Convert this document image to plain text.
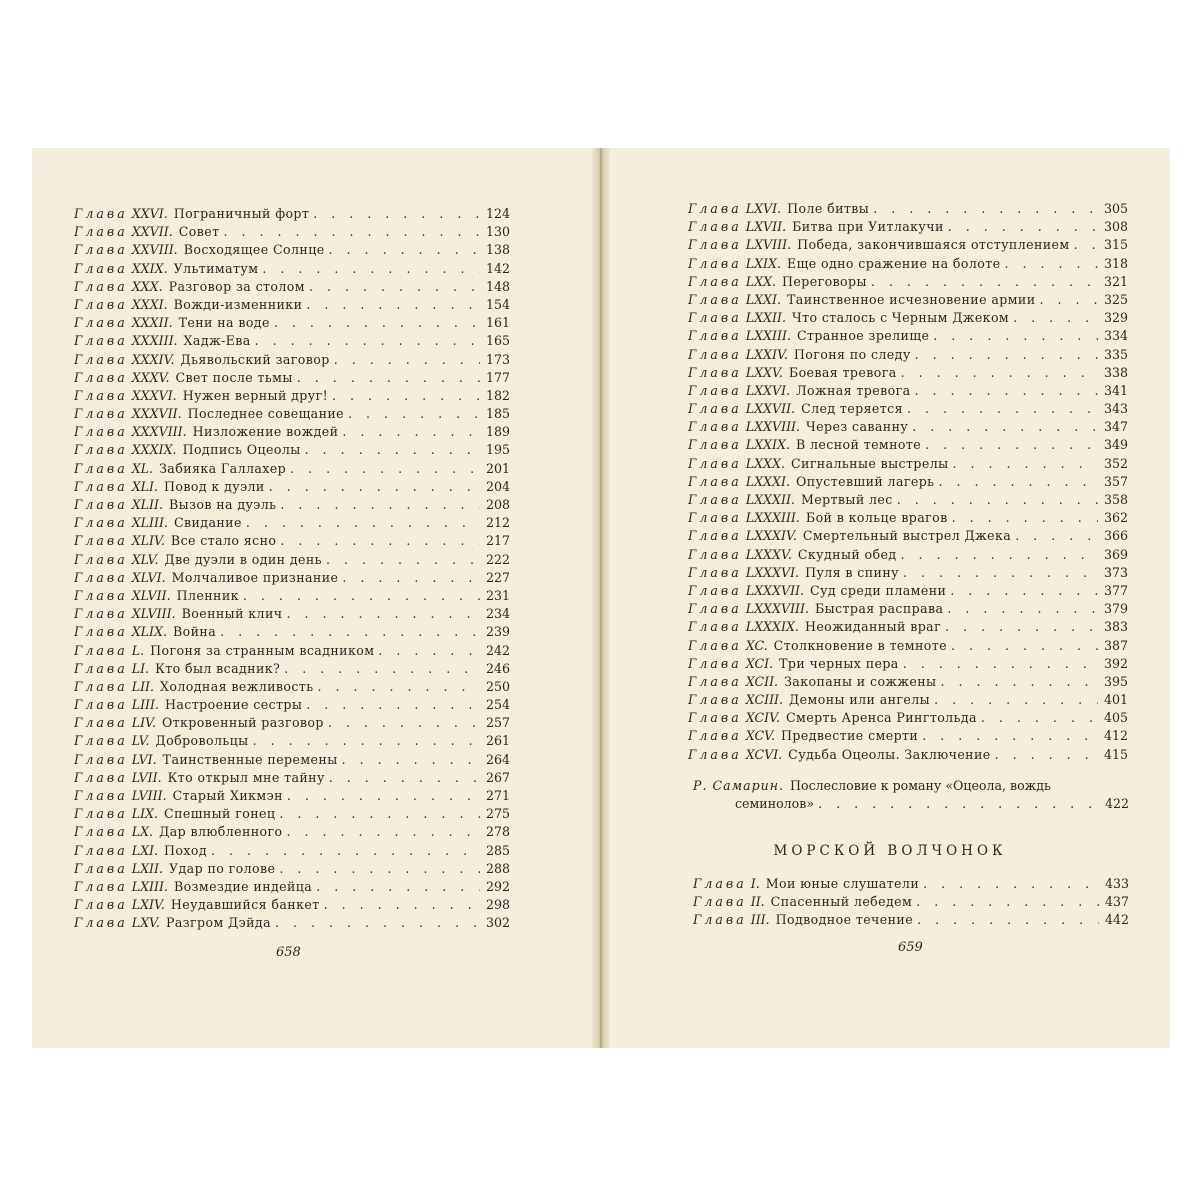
Глава XXVI. Пограничный форт . . .	124
Глава XXVII. Совет . . .	130
Глава XXVIII. Восходящее Солнце . . .	138
Глава XXIX. Ультиматум . . .	142
Глава XXX. Разговор за столом . . .	148
Глава XXXI. Вожди-изменники . . .	154
Глава XXXII. Тени на воде . . .	161
Глава XXXIII. Хадж-Ева . . .	165
Глава XXXIV. Дьявольский заговор . . .	173
Глава XXXV. Свет после тьмы . . .	177
Глава XXXVI. Нужен верный друг! . . .	182
Глава XXXVII. Последнее совещание . . .	185
Глава XXXVIII. Низложение вождей . . .	189
Глава XXXIX. Подпись Оцеолы . . .	195
Глава XL. Забияка Галлахер . . .	201
Глава XLI. Повод к дуэли . . .	204
Глава XLII. Вызов на дуэль . . .	208
Глава XLIII. Свидание . . .	212
Глава XLIV. Все стало ясно . . .	217
Глава XLV. Две дуэли в один день . . .	222
Глава XLVI. Молчаливое признание . . .	227
Глава XLVII. Пленник . . .	231
Глава XLVIII. Военный клич . . .	234
Глава XLIX. Война . . .	239
Глава L. Погоня за странным всадником . . .	242
Глава LI. Кто был всадник? . . .	246
Глава LII. Холодная вежливость . . .	250
Глава LIII. Настроение сестры . . .	254
Глава LIV. Откровенный разговор . . .	257
Глава LV. Добровольцы . . .	261
Глава LVI. Таинственные перемены . . .	264
Глава LVII. Кто открыл мне тайну . . .	267
Глава LVIII. Старый Хикмэн . . .	271
Глава LIX. Спешный гонец . . .	275
Глава LX. Дар влюбленного . . .	278
Глава LXI. Поход . . .	285
Глава LXII. Удар по голове . . .	288
Глава LXIII. Возмездие индейца . . .	292
Глава LXIV. Неудавшийся банкет . . .	298
Глава LXV. Разгром Дэйда . . .	302
Глава LXVI. Поле битвы . . .	305
Глава LXVII. Битва при Уитлакучи . . .	308
Глава LXVIII. Победа, закончившаяся отступлением . . .	315
Глава LXIX. Еще одно сражение на болоте . . .	318
Глава LXX. Переговоры . . .	321
Глава LXXI. Таинственное исчезновение армии . . .	325
Глава LXXII. Что сталось с Черным Джеком . . .	329
Глава LXXIII. Странное зрелище . . .	334
Глава LXXIV. Погоня по следу . . .	335
Глава LXXV. Боевая тревога . . .	338
Глава LXXVI. Ложная тревога . . .	341
Глава LXXVII. След теряется . . .	343
Глава LXXVIII. Через саванну . . .	347
Глава LXXIX. В лесной темноте . . .	349
Глава LXXX. Сигнальные выстрелы . . .	352
Глава LXXXI. Опустевший лагерь . . .	357
Глава LXXXII. Мертвый лес . . .	358
Глава LXXXIII. Бой в кольце врагов . . .	362
Глава LXXXIV. Смертельный выстрел Джека . . .	366
Глава LXXXV. Скудный обед . . .	369
Глава LXXXVI. Пуля в спину . . .	373
Глава LXXXVII. Суд среди пламени . . .	377
Глава LXXXVIII. Быстрая расправа . . .	379
Глава LXXXIX. Неожиданный враг . . .	383
Глава XC. Столкновение в темноте . . .	387
Глава XCI. Три черных пера . . .	392
Глава XCII. Закопаны и сожжены . . .	395
Глава XCIII. Демоны или ангелы . . .	401
Глава XCIV. Смерть Аренса Рингтольда . . .	405
Глава XCV. Предвестие смерти . . .	412
Глава XCVI. Судьба Оцеолы. Заключение . . .	415
Р. Самарин. Послесловие к роману «Оцеола, вождь
семинолов» . . .	422
МОРСКОЙ ВОЛЧОНОК
Глава I. Мои юные слушатели . . .	433
Глава II. Спасенный лебедем . . .	437
Глава III. Подводное течение . . .	442
658	659
